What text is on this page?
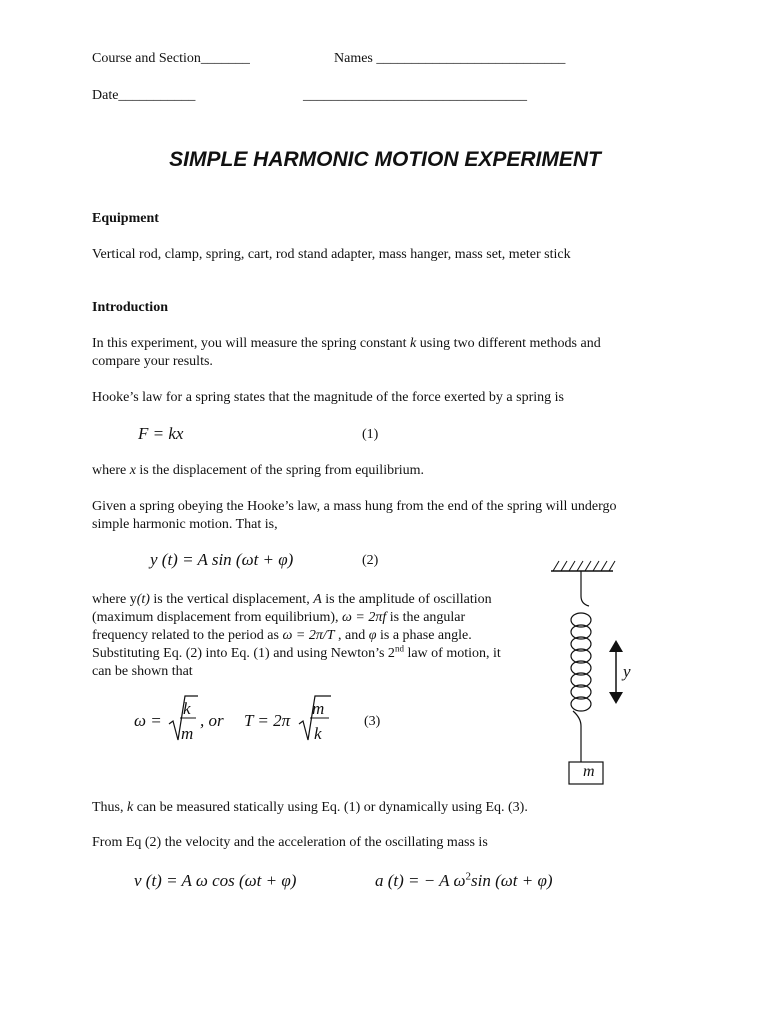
Course and Section_______	Names ___________________________
Date___________	________________________________
SIMPLE HARMONIC MOTION EXPERIMENT
Equipment
Vertical rod, clamp, spring, cart, rod stand adapter, mass hanger, mass set, meter stick
Introduction
In this experiment, you will measure the spring constant k using two different methods and
compare your results.
Hooke’s law for a spring states that the magnitude of the force exerted by a spring is
F = kx	(1)
where x is the displacement of the spring from equilibrium.
Given a spring obeying the Hooke’s law, a mass hung from the end of the spring will undergo
simple harmonic motion. That is,
y (t) = A sin (ωt + φ)	(2)
where y(t) is the vertical displacement, A is the amplitude of oscillation
(maximum displacement from equilibrium), ω = 2πf is the angular
frequency related to the period as ω = 2π/T , and φ is a phase angle.
Substituting Eq. (2) into Eq. (1) and using Newton’s 2nd law of motion, it
can be shown that
ω =
k
m
, or T = 2π
m
k
(3)
y
m
Thus, k can be measured statically using Eq. (1) or dynamically using Eq. (3).
From Eq (2) the velocity and the acceleration of the oscillating mass is
v (t) = A ω cos (ωt + φ)	a (t) = − A $\omega^2\sin$ (ωt + φ)
